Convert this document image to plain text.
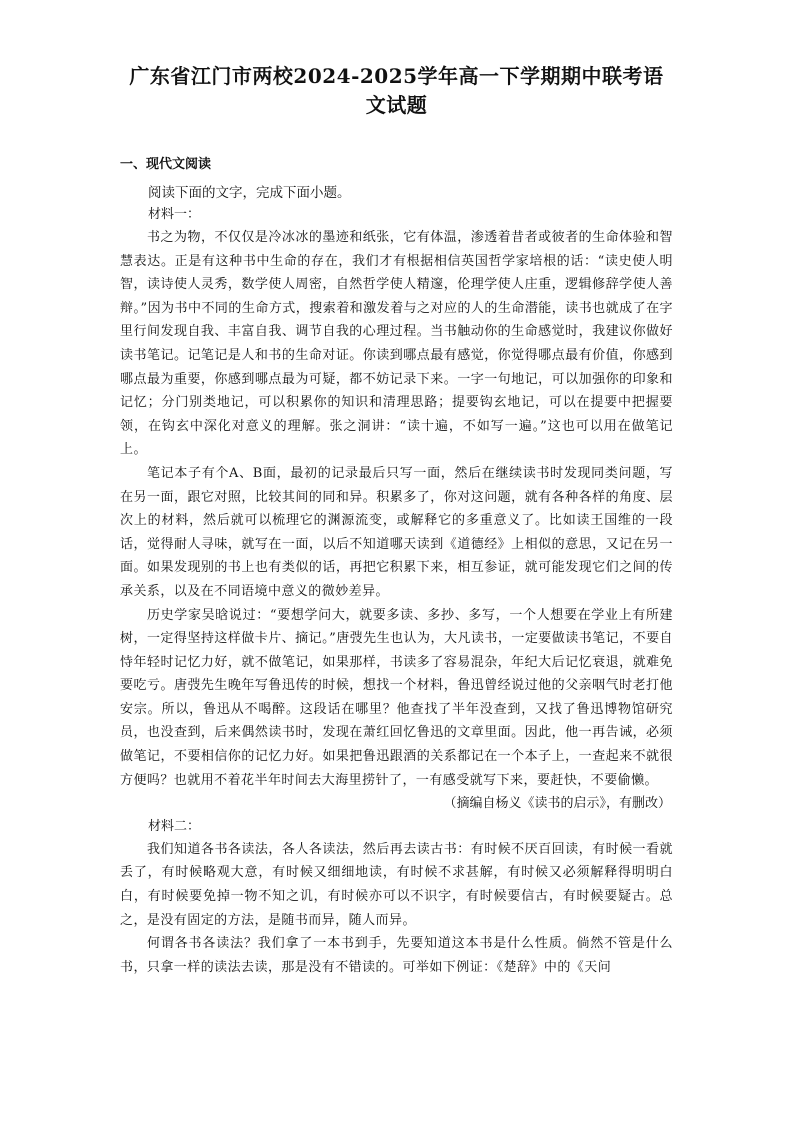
广东省江门市两校2024-2025学年高一下学期期中联考语文试题
一、现代文阅读

阅读下面的文字，完成下面小题。

材料一：

书之为物，不仅仅是冷冰冰的墨迹和纸张，它有体温，渗透着昔者或彼者的生命体验和智慧表达。正是有这种书中生命的存在，我们才有根据相信英国哲学家培根的话：“读史使人明智，读诗使人灵秀，数学使人周密，自然哲学使人精邃，伦理学使人庄重，逻辑修辞学使人善辩。”因为书中不同的生命方式，搜索着和激发着与之对应的人的生命潜能，读书也就成了在字里行间发现自我、丰富自我、调节自我的心理过程。当书触动你的生命感觉时，我建议你做好读书笔记。记笔记是人和书的生命对证。你读到哪点最有感觉，你觉得哪点最有价值，你感到哪点最为重要，你感到哪点最为可疑，都不妨记录下来。一字一句地记，可以加强你的印象和记忆；分门别类地记，可以积累你的知识和清理思路；提要钩玄地记，可以在提要中把握要领，在钩玄中深化对意义的理解。张之洞讲：“读十遍，不如写一遍。”这也可以用在做笔记上。

笔记本子有个A、B面，最初的记录最后只写一面，然后在继续读书时发现同类问题，写在另一面，跟它对照，比较其间的同和异。积累多了，你对这问题，就有各种各样的角度、层次上的材料，然后就可以梳理它的渊源流变，或解释它的多重意义了。比如读王国维的一段话，觉得耐人寻味，就写在一面，以后不知道哪天读到《道德经》上相似的意思，又记在另一面。如果发现别的书上也有类似的话，再把它积累下来，相互参证，就可能发现它们之间的传承关系，以及在不同语境中意义的微妙差异。

历史学家吴晗说过：“要想学问大，就要多读、多抄、多写，一个人想要在学业上有所建树，一定得坚持这样做卡片、摘记。”唐弢先生也认为，大凡读书，一定要做读书笔记，不要自恃年轻时记忆力好，就不做笔记，如果那样，书读多了容易混杂，年纪大后记忆衰退，就难免要吃亏。唐弢先生晚年写鲁迅传的时候，想找一个材料，鲁迅曾经说过他的父亲咽气时老打他安宗。所以，鲁迅从不喝醉。这段话在哪里？他查找了半年没查到，又找了鲁迅博物馆研究员，也没查到，后来偶然读书时，发现在萧红回忆鲁迅的文章里面。因此，他一再告诫，必须做笔记，不要相信你的记忆力好。如果把鲁迅跟酒的关系都记在一个本子上，一查起来不就很方便吗？也就用不着花半年时间去大海里捞针了，一有感受就写下来，要赶快，不要偷懒。

（摘编自杨义《读书的启示》，有删改）

材料二：

我们知道各书各读法，各人各读法，然后再去读古书：有时候不厌百回读，有时候一看就丢了，有时候略观大意，有时候又细细地读，有时候不求甚解，有时候又必须解释得明明白白，有时候要免掉一物不知之讥，有时候亦可以不识字，有时候要信古，有时候要疑古。总之，是没有固定的方法，是随书而异，随人而异。

何谓各书各读法？我们拿了一本书到手，先要知道这本书是什么性质。倘然不管是什么书，只拿一样的读法去读，那是没有不错读的。可举如下例证：《楚辞》中的《天问
